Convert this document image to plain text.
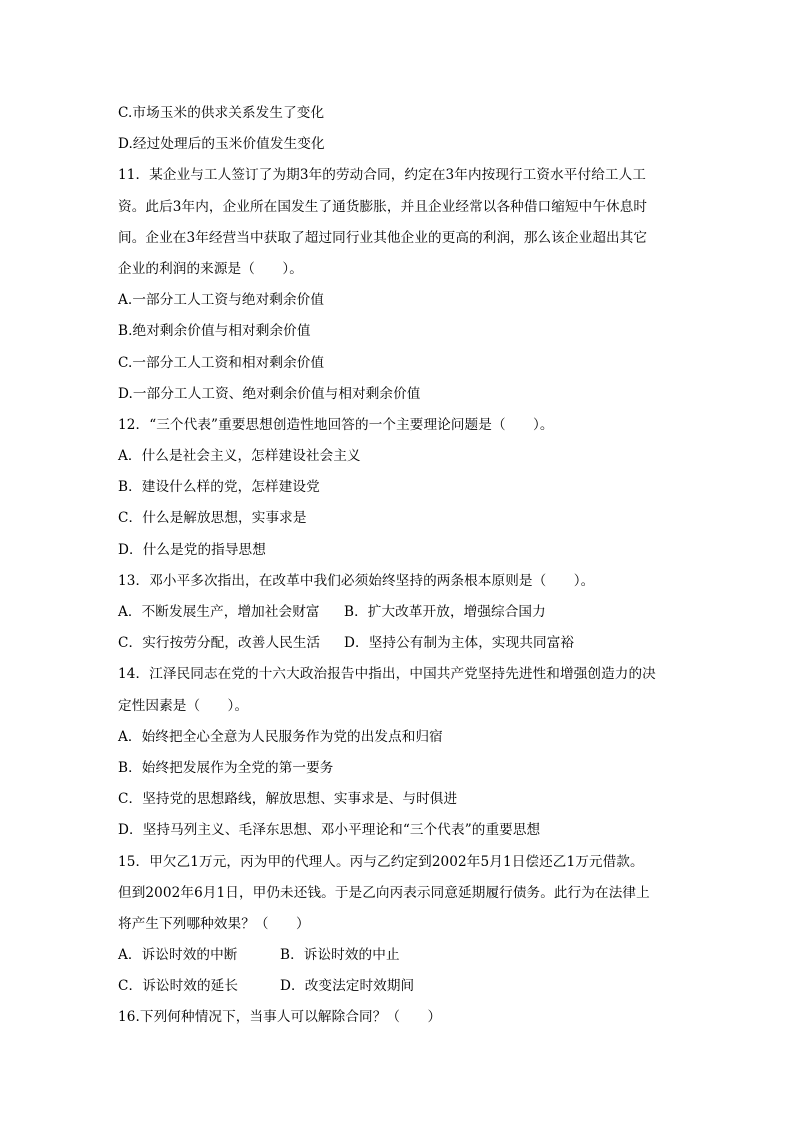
C.市场玉米的供求关系发生了变化
D.经过处理后的玉米价值发生变化
11．某企业与工人签订了为期3年的劳动合同，约定在3年内按现行工资水平付给工人工
资。此后3年内，企业所在国发生了通货膨胀，并且企业经常以各种借口缩短中午休息时
间。企业在3年经营当中获取了超过同行业其他企业的更高的利润，那么该企业超出其它
企业的利润的来源是（　　）。
A.一部分工人工资与绝对剩余价值
B.绝对剩余价值与相对剩余价值
C.一部分工人工资和相对剩余价值
D.一部分工人工资、绝对剩余价值与相对剩余价值
12．“三个代表”重要思想创造性地回答的一个主要理论问题是（　　）。
A．什么是社会主义，怎样建设社会主义
B．建设什么样的党，怎样建设党
C．什么是解放思想，实事求是
D．什么是党的指导思想
13．邓小平多次指出，在改革中我们必须始终坚持的两条根本原则是（　　）。
A．不断发展生产，增加社会财富 B．扩大改革开放，增强综合国力
C．实行按劳分配，改善人民生活 D．坚持公有制为主体，实现共同富裕
14．江泽民同志在党的十六大政治报告中指出，中国共产党坚持先进性和增强创造力的决
定性因素是（　　）。
A．始终把全心全意为人民服务作为党的出发点和归宿
B．始终把发展作为全党的第一要务
C．坚持党的思想路线，解放思想、实事求是、与时俱进
D．坚持马列主义、毛泽东思想、邓小平理论和“三个代表”的重要思想
15．甲欠乙1万元，丙为甲的代理人。丙与乙约定到2002年5月1日偿还乙1万元借款。
但到2002年6月1日，甲仍未还钱。于是乙向丙表示同意延期履行债务。此行为在法律上
将产生下列哪种效果？（　　）
A．诉讼时效的中断	B．诉讼时效的中止
C．诉讼时效的延长	D．改变法定时效期间
16.下列何种情况下，当事人可以解除合同？（　　）
